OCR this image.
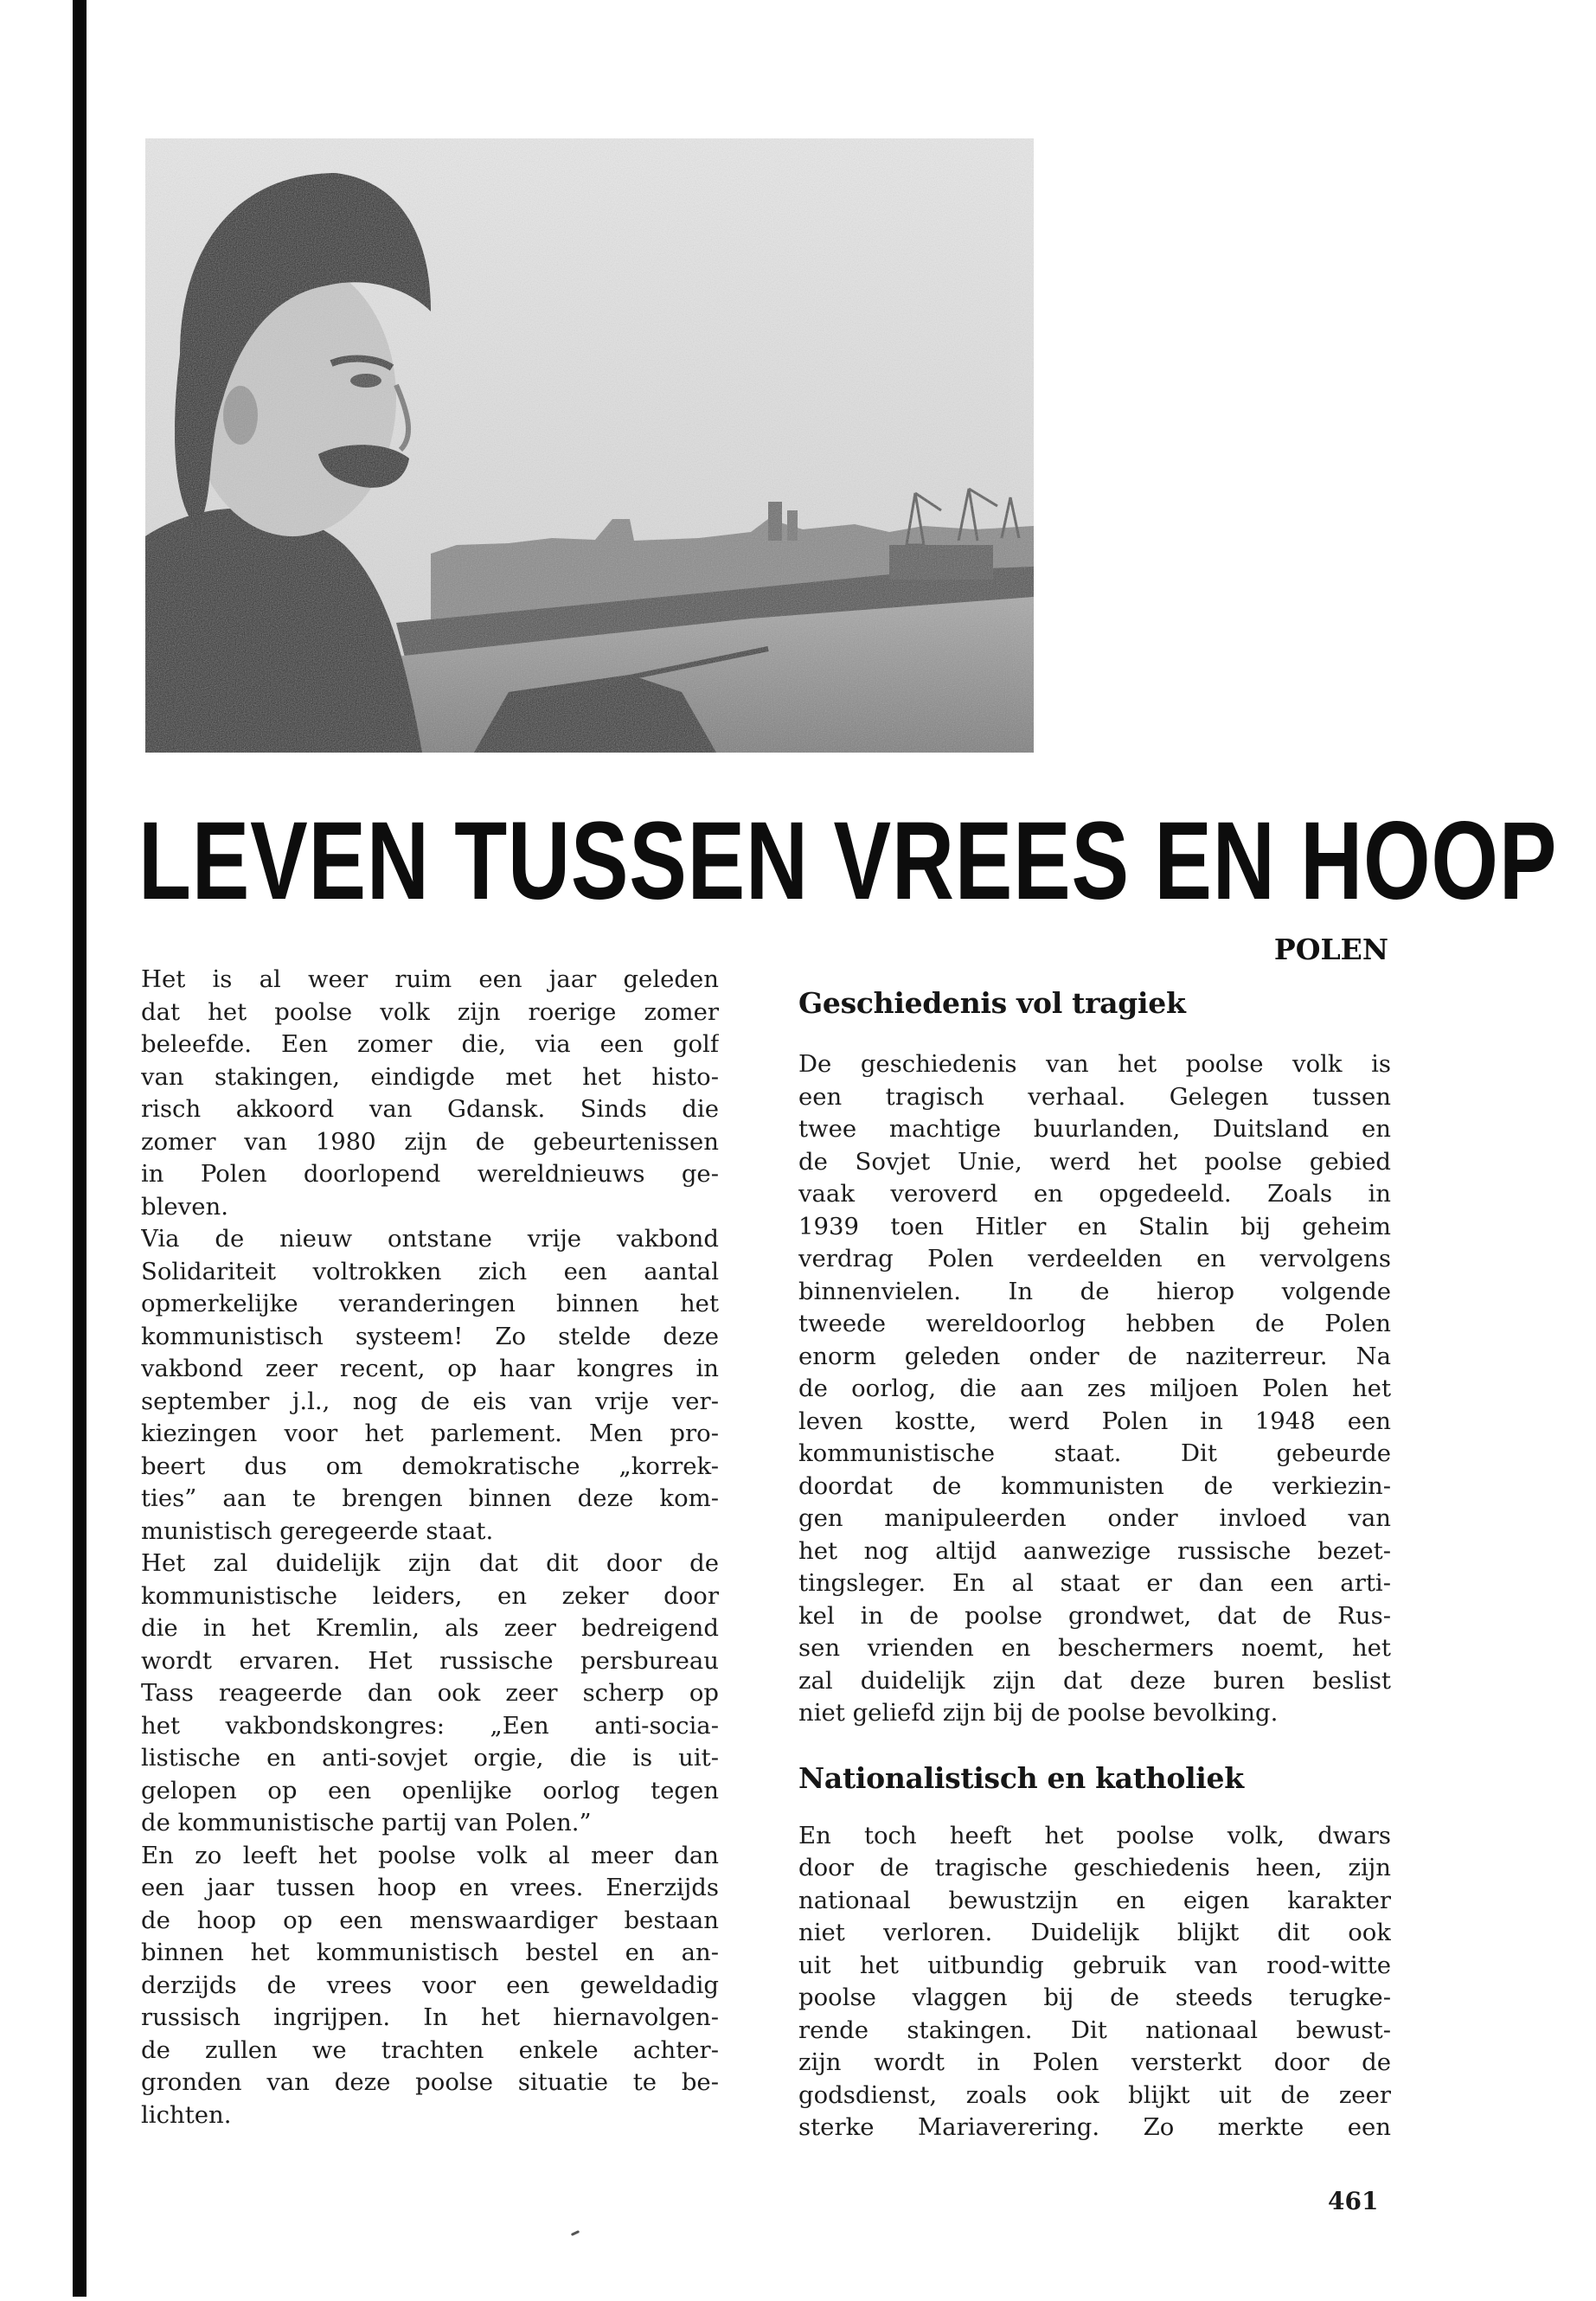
LEVEN TUSSEN VREES EN HOOP
POLEN

Het is al weer ruim een jaar geleden
dat het poolse volk zijn roerige zomer
beleefde. Een zomer die, via een golf
van stakingen, eindigde met het histo-
risch akkoord van Gdansk. Sinds die
zomer van 1980 zijn de gebeurtenissen
in Polen doorlopend wereldnieuws ge-
bleven.

Via de nieuw ontstane vrije vakbond
Solidariteit voltrokken zich een aantal
opmerkelijke veranderingen binnen het
kommunistisch systeem! Zo stelde deze
vakbond zeer recent, op haar kongres in
september j.l., nog de eis van vrije ver-
kiezingen voor het parlement. Men pro-
beert dus om demokratische „korrek-
ties” aan te brengen binnen deze kom-
munistisch geregeerde staat.

Het zal duidelijk zijn dat dit door de
kommunistische leiders, en zeker door
die in het Kremlin, als zeer bedreigend
wordt ervaren. Het russische persbureau
Tass reageerde dan ook zeer scherp op
het vakbondskongres: „Een anti-socia-
listische en anti-sovjet orgie, die is uit-
gelopen op een openlijke oorlog tegen
de kommunistische partij van Polen.”

En zo leeft het poolse volk al meer dan
een jaar tussen hoop en vrees. Enerzijds
de hoop op een menswaardiger bestaan
binnen het kommunistisch bestel en an-
derzijds de vrees voor een geweldadig
russisch ingrijpen. In het hiernavolgen-
de zullen we trachten enkele achter-
gronden van deze poolse situatie te be-
lichten.

Geschiedenis vol tragiek

De geschiedenis van het poolse volk is
een tragisch verhaal. Gelegen tussen
twee machtige buurlanden, Duitsland en
de Sovjet Unie, werd het poolse gebied
vaak veroverd en opgedeeld. Zoals in
1939 toen Hitler en Stalin bij geheim
verdrag Polen verdeelden en vervolgens
binnenvielen. In de hierop volgende
tweede wereldoorlog hebben de Polen
enorm geleden onder de naziterreur. Na
de oorlog, die aan zes miljoen Polen het
leven kostte, werd Polen in 1948 een
kommunistische staat. Dit gebeurde
doordat de kommunisten de verkiezin-
gen manipuleerden onder invloed van
het nog altijd aanwezige russische bezet-
tingsleger. En al staat er dan een arti-
kel in de poolse grondwet, dat de Rus-
sen vrienden en beschermers noemt, het
zal duidelijk zijn dat deze buren beslist
niet geliefd zijn bij de poolse bevolking.

Nationalistisch en katholiek

En toch heeft het poolse volk, dwars
door de tragische geschiedenis heen, zijn
nationaal bewustzijn en eigen karakter
niet verloren. Duidelijk blijkt dit ook
uit het uitbundig gebruik van rood-witte
poolse vlaggen bij de steeds terugke-
rende stakingen. Dit nationaal bewust-
zijn wordt in Polen versterkt door de
godsdienst, zoals ook blijkt uit de zeer
sterke Mariaverering. Zo merkte een

461
